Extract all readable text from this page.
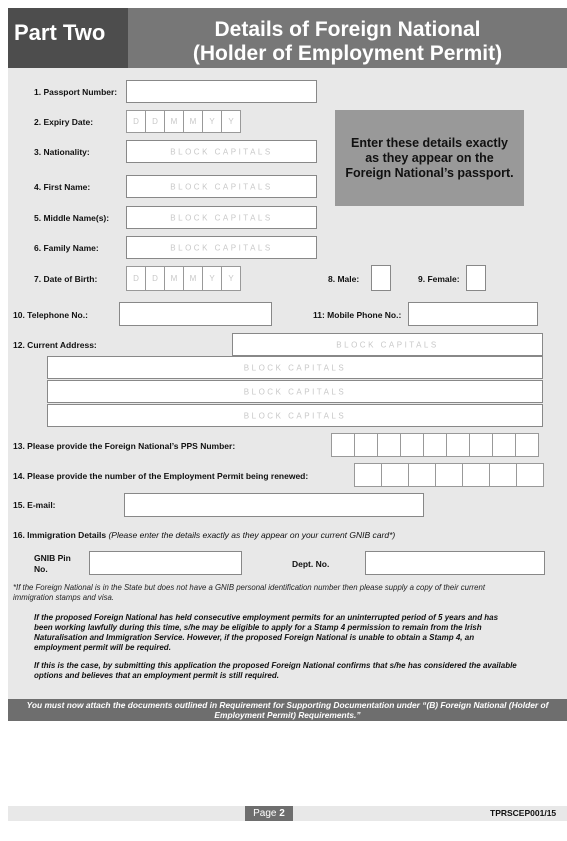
Part Two	Details of Foreign National
(Holder of Employment Permit)
1. Passport Number:
2. Expiry Date:	D	D	M	M	Y	Y
Enter these details exactly
as they appear on the
Foreign National’s passport.
3. Nationality:	BLOCK CAPITALS
4. First Name:	BLOCK CAPITALS
5. Middle Name(s):	BLOCK CAPITALS
6. Family Name:	BLOCK CAPITALS
7. Date of Birth:	D	D	M	M	Y	Y	8. Male:	9. Female:
10. Telephone No.:	11: Mobile Phone No.:
12. Current Address:	BLOCK CAPITALS
BLOCK CAPITALS
BLOCK CAPITALS
BLOCK CAPITALS
13. Please provide the Foreign National’s PPS Number:
14. Please provide the number of the Employment Permit being renewed:
15. E-mail:
16. Immigration Details (Please enter the details exactly as they appear on your current GNIB card*)
GNIB Pin
No.	Dept. No.
*If the Foreign National is in the State but does not have a GNIB personal identification number then please supply a copy of their current
immigration stamps and visa.
If the proposed Foreign National has held consecutive employment permits for an uninterrupted period of 5 years and has
been working lawfully during this time, s/he may be eligible to apply for a Stamp 4 permission to remain from the Irish
Naturalisation and Immigration Service. However, if the proposed Foreign National is unable to obtain a Stamp 4, an
employment permit will be required.
If this is the case, by submitting this application the proposed Foreign National confirms that s/he has considered the available
options and believes that an employment permit is still required.
You must now attach the documents outlined in Requirement for Supporting Documentation under “(B) Foreign National (Holder of
Employment Permit) Requirements.”
Page 2	TPRSCEP001/15
